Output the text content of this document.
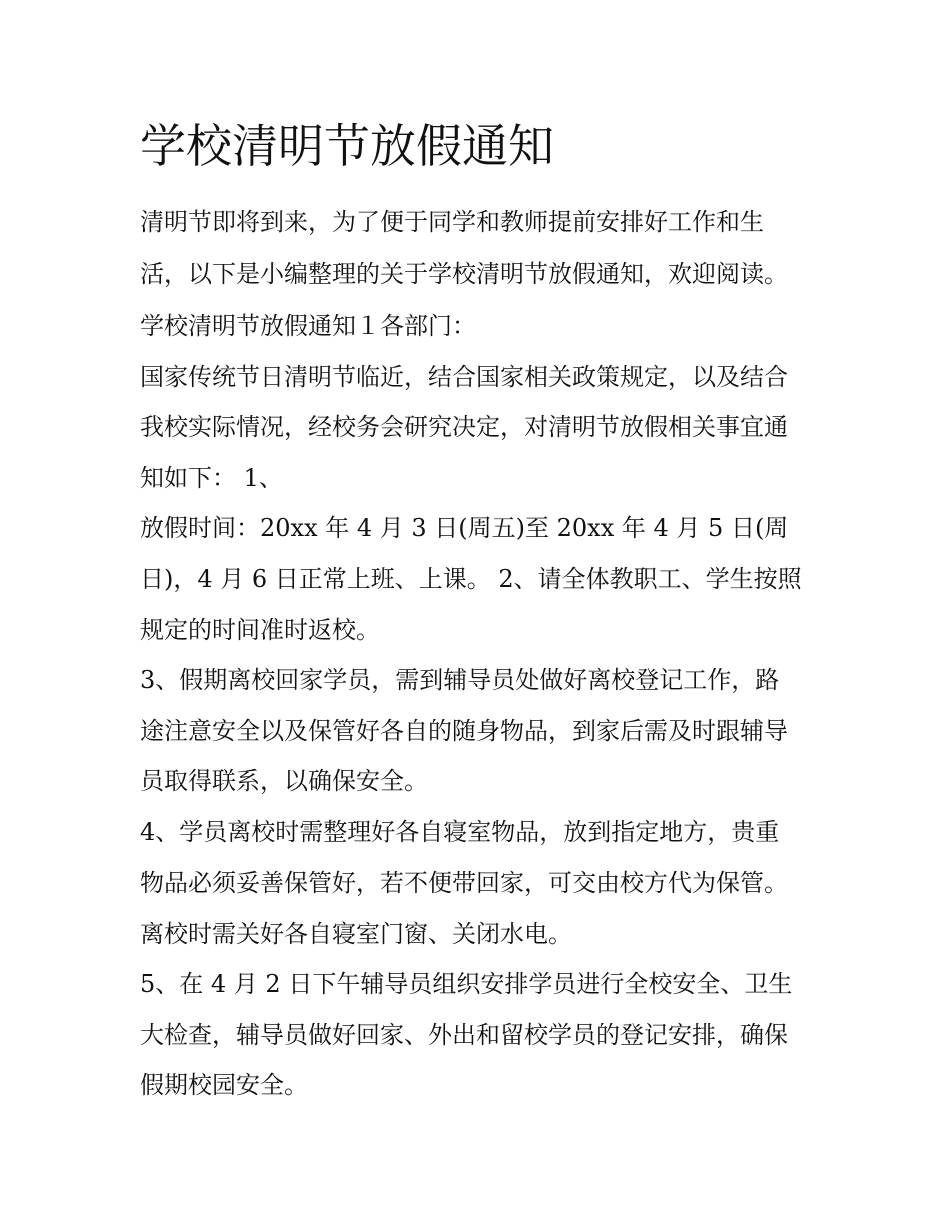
学校清明节放假通知

清明节即将到来，为了便于同学和教师提前安排好工作和生

活，以下是小编整理的关于学校清明节放假通知，欢迎阅读。

学校清明节放假通知１各部门：

国家传统节日清明节临近，结合国家相关政策规定，以及结合

我校实际情况，经校务会研究决定，对清明节放假相关事宜通

知如下： 1、

放假时间：20xx 年 4 月 3 日(周五)至 20xx 年 4 月 5 日(周

日)，4 月 6 日正常上班、上课。 2、请全体教职工、学生按照

规定的时间准时返校。

3、假期离校回家学员，需到辅导员处做好离校登记工作，路

途注意安全以及保管好各自的随身物品，到家后需及时跟辅导

员取得联系，以确保安全。

4、学员离校时需整理好各自寝室物品，放到指定地方，贵重

物品必须妥善保管好，若不便带回家，可交由校方代为保管。

离校时需关好各自寝室门窗、关闭水电。

5、在 4 月 2 日下午辅导员组织安排学员进行全校安全、卫生

大检查，辅导员做好回家、外出和留校学员的登记安排，确保

假期校园安全。
